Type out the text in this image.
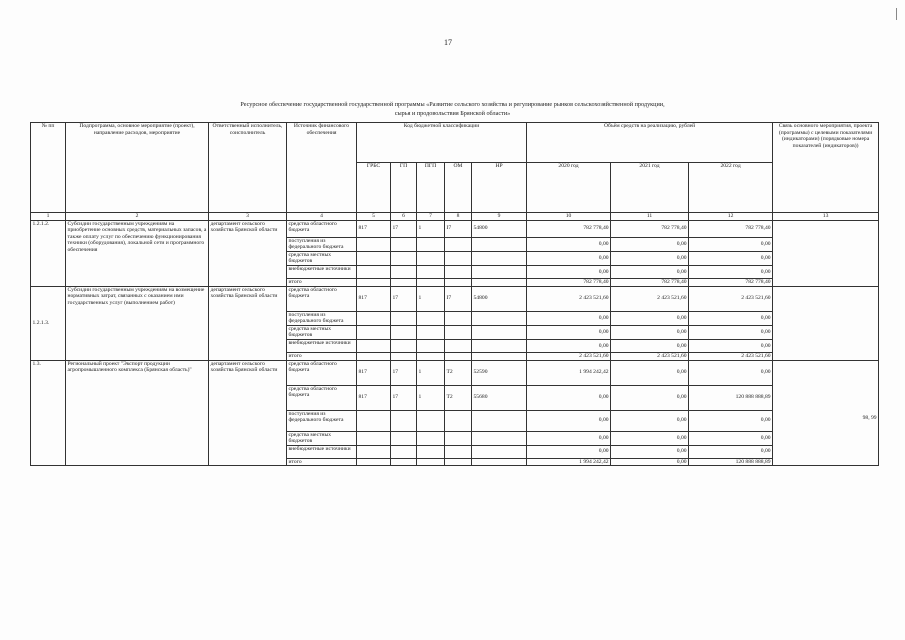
17
Ресурсное обеспечение государственной государственной программы «Развитие сельского хозяйства и регулирование рынков сельскохозяйственной продукции,
сырья и продовольствия Брянской области»
№ пп	Подпрограмма, основное мероприятие (проект), направление расходов, мероприятие	Ответственный исполнитель, соисполнитель	Источник финансового обеспечения	Код бюджетной классификации					Объём средств на реализацию, рублей			Связь основного мероприятия, проекта (программы) с целевыми показателями (индикаторами) (порядковые номера показателей (индикаторов))
				ГРБС	ГП	ПГП	ОМ	НР	2020 год	2021 год	2022 год	
1	2	3	4	5	6	7	8	9	10	11	12	13
1.2.1.2.	Субсидии государственным учреждениям на приобретение основных средств, материальных запасов, а также оплату услуг по обеспечению функционирования техники (оборудования), локальной сети и программного обеспечения	департамент сельского хозяйства Брянской области	средства областного бюджета	817	17	1	I7	54800	782 778,40	782 778,40	782 778,40	
			поступления из федерального бюджета						0,00	0,00	0,00	
			средства местных бюджетов						0,00	0,00	0,00	
			внебюджетные источники						0,00	0,00	0,00	
			итого						782 778,40	782 778,40	782 778,40	
1.2.1.3.	Субсидии государственным учреждениям на возмещение нормативных затрат, связанных с оказанием ими государственных услуг (выполнением работ)	департамент сельского хозяйства Брянской области	средства областного бюджета	817	17	1	I7	54800	2 423 521,60	2 423 521,60	2 423 521,60	
			поступления из федерального бюджета						0,00	0,00	0,00	
			средства местных бюджетов						0,00	0,00	0,00	
			внебюджетные источники						0,00	0,00	0,00	
			итого						2 423 521,60	2 423 521,60	2 423 521,60	
1.3.	Региональный проект "Экспорт продукции агропромышленного комплекса (Брянская область)"	департамент сельского хозяйства Брянской области	средства областного бюджета	817	17	1	T2	52590	1 994 242,42	0,00	0,00	98, 99
			средства областного бюджета	817	17	1	T2	55680	0,00	0,00	120 888 888,89	
			поступления из федерального бюджета						0,00	0,00	0,00	
			средства местных бюджетов						0,00	0,00	0,00	
			внебюджетные источники						0,00	0,00	0,00	
			итого						1 994 242,42	0,00	120 888 888,89	
